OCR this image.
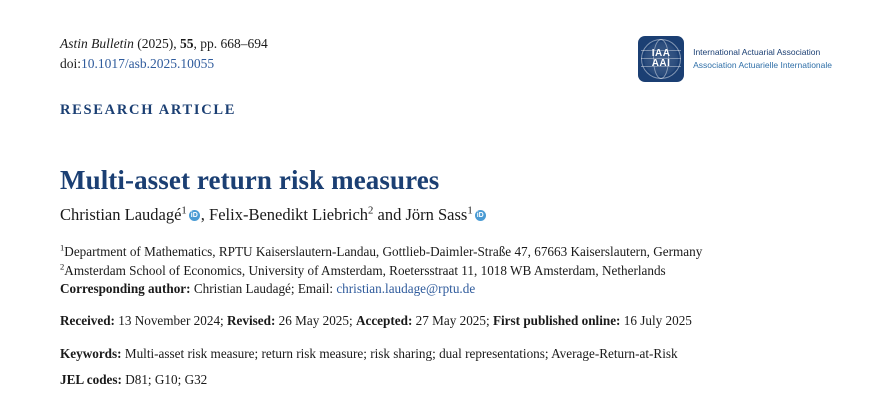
Astin Bulletin (2025), 55, pp. 668–694
doi:10.1017/asb.2025.10055
IAA
AAI
International Actuarial Association
Association Actuarielle Internationale
RESEARCH ARTICLE
Multi-asset return risk measures
Christian Laudagé$^1$ iD , Felix-Benedikt Liebrich$^2$ and Jörn Sass$^1$iD
$^1$Department of Mathematics, RPTU Kaiserslautern-Landau, Gottlieb-Daimler-Straße 47, 67663 Kaiserslautern, Germany
$^2$Amsterdam School of Economics, University of Amsterdam, Roetersstraat 11, 1018 WB Amsterdam, Netherlands
Corresponding author: Christian Laudagé; Email: christian.laudage@rptu.de
Received: 13 November 2024; Revised: 26 May 2025; Accepted: 27 May 2025; First published online: 16 July 2025
Keywords: Multi-asset risk measure; return risk measure; risk sharing; dual representations; Average-Return-at-Risk
JEL codes: D81; G10; G32
